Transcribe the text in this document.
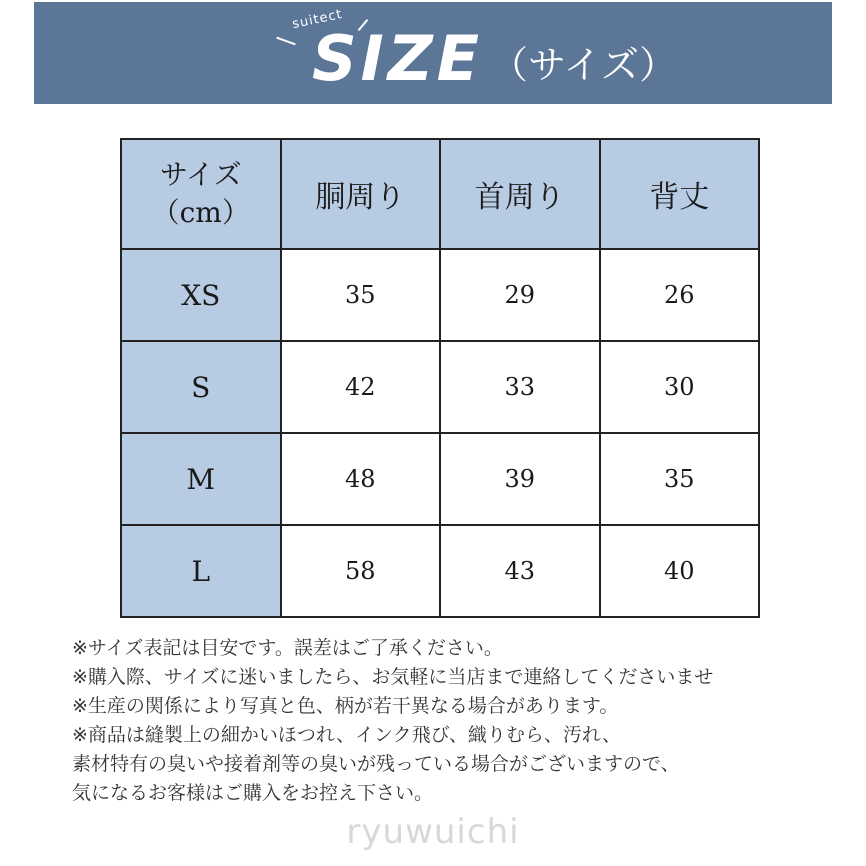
suitect
SIZE （サイズ）
サイズ
（cm）	胴周り	首周り	背丈
XS	35	29	26
S	42	33	30
M	48	39	35
L	58	43	40
※サイズ表記は目安です。誤差はご了承ください。
※購入際、サイズに迷いましたら、お気軽に当店まで連絡してくださいませ
※生産の関係により写真と色、柄が若干異なる場合があります。
※商品は縫製上の細かいほつれ、インク飛び、織りむら、汚れ、
素材特有の臭いや接着剤等の臭いが残っている場合がございますので、
気になるお客様はご購入をお控え下さい。
ryuwuichi
